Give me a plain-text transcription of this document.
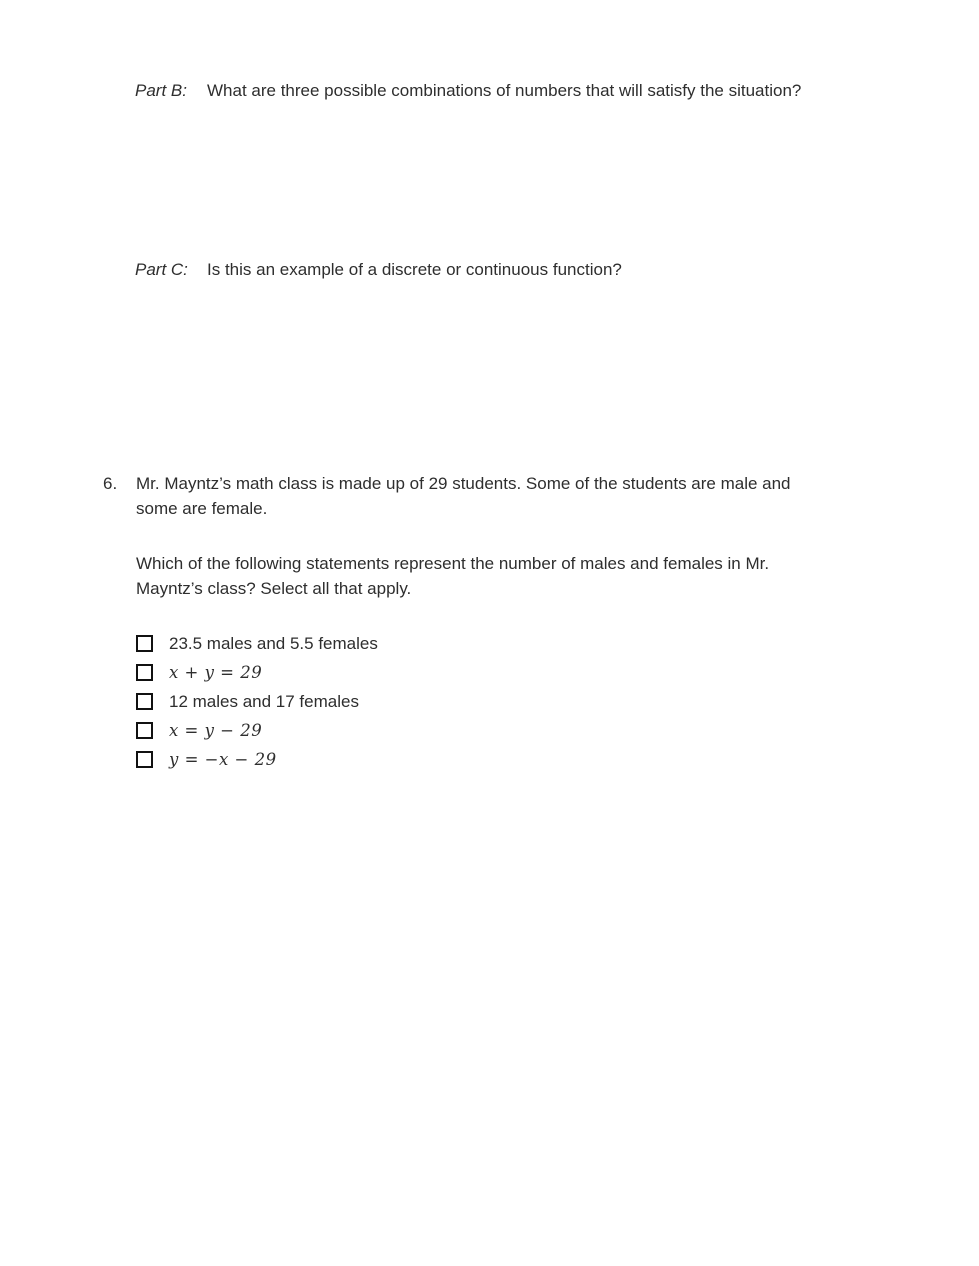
Part B:	What are three possible combinations of numbers that will satisfy the situation?
Part C:	Is this an example of a discrete or continuous function?
6.	Mr. Mayntz’s math class is made up of 29 students. Some of the students are male and some are female.

Which of the following statements represent the number of males and females in Mr. Mayntz’s class? Select all that apply.

23.5 males and 5.5 females
x + y = 29
12 males and 17 females
x = y − 29
y = −x − 29
